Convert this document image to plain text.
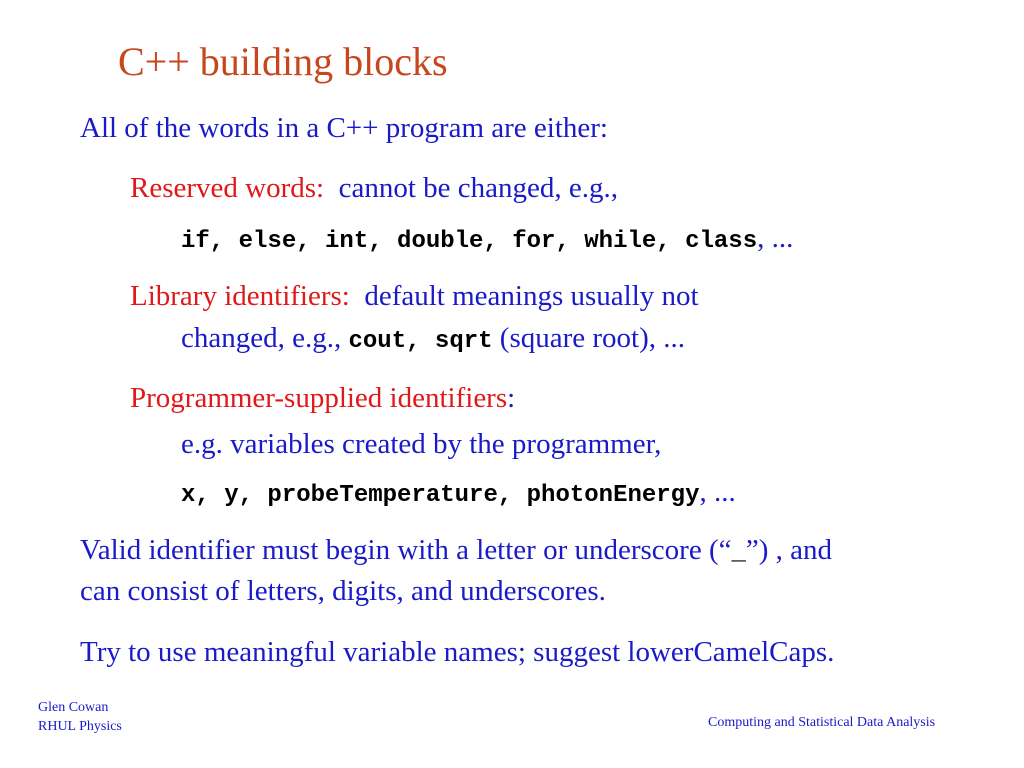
C++ building blocks
All of the words in a C++ program are either:
Reserved words:  cannot be changed, e.g.,
if, else, int, double, for, while, class, ...
Library identifiers:  default meanings usually not
changed, e.g., cout, sqrt (square root), ...
Programmer-supplied identifiers:
e.g. variables created by the programmer,
x, y, probeTemperature, photonEnergy, ...
Valid identifier must begin with a letter or underscore (“_”) , and
can consist of letters, digits, and underscores.
Try to use meaningful variable names; suggest lowerCamelCaps.
Glen Cowan
RHUL Physics	Computing and Statistical Data Analysis
